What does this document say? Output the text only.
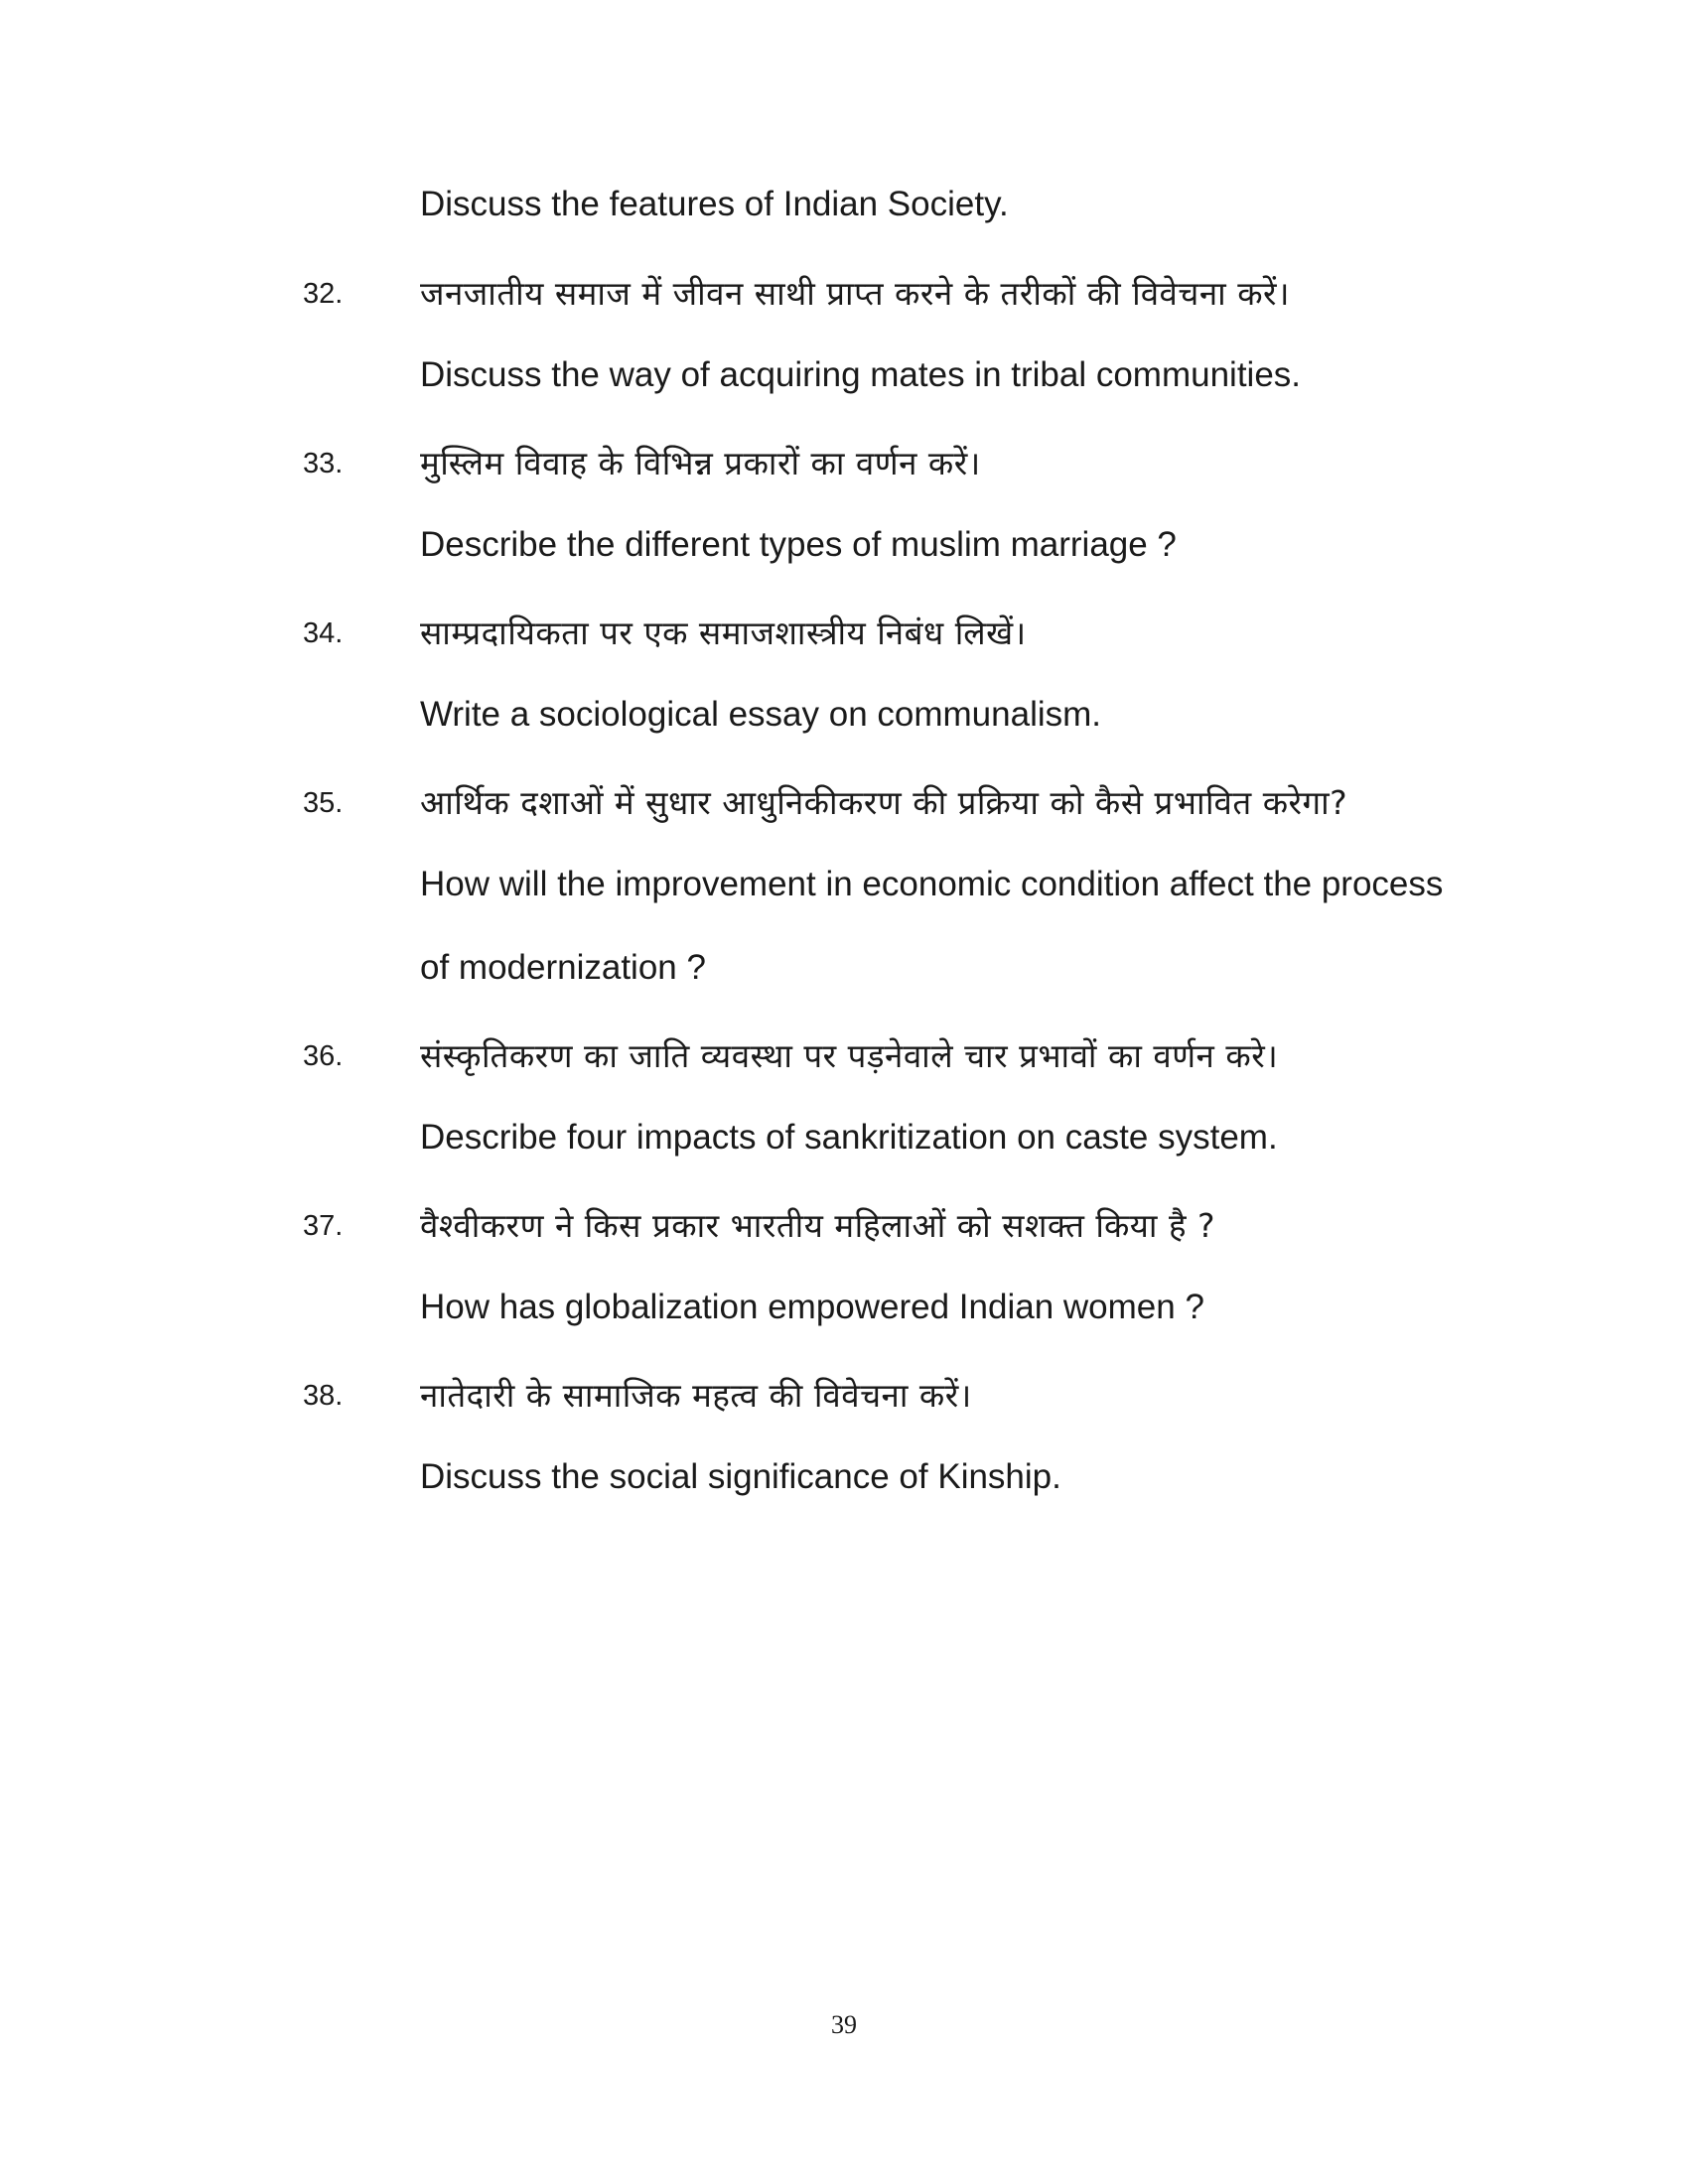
Discuss the features of Indian Society.
32. जनजातीय समाज में जीवन साथी प्राप्त करने के तरीकों की विवेचना करें।
Discuss the way of acquiring mates in tribal communities.
33. मुस्लिम विवाह के विभिन्न प्रकारों का वर्णन करें।
Describe the different types of muslim marriage ?
34. साम्प्रदायिकता पर एक समाजशास्त्रीय निबंध लिखें।
Write a sociological essay on communalism.
35. आर्थिक दशाओं में सुधार आधुनिकीकरण की प्रक्रिया को कैसे प्रभावित करेगा?
How will the improvement in economic condition affect the process
of modernization ?
36. संस्कृतिकरण का जाति व्यवस्था पर पड़नेवाले चार प्रभावों का वर्णन करे।
Describe four impacts of sankritization on caste system.
37. वैश्वीकरण ने किस प्रकार भारतीय महिलाओं को सशक्त किया है ?
How has globalization empowered Indian women ?
38. नातेदारी के सामाजिक महत्व की विवेचना करें।
Discuss the social significance of Kinship.
39
